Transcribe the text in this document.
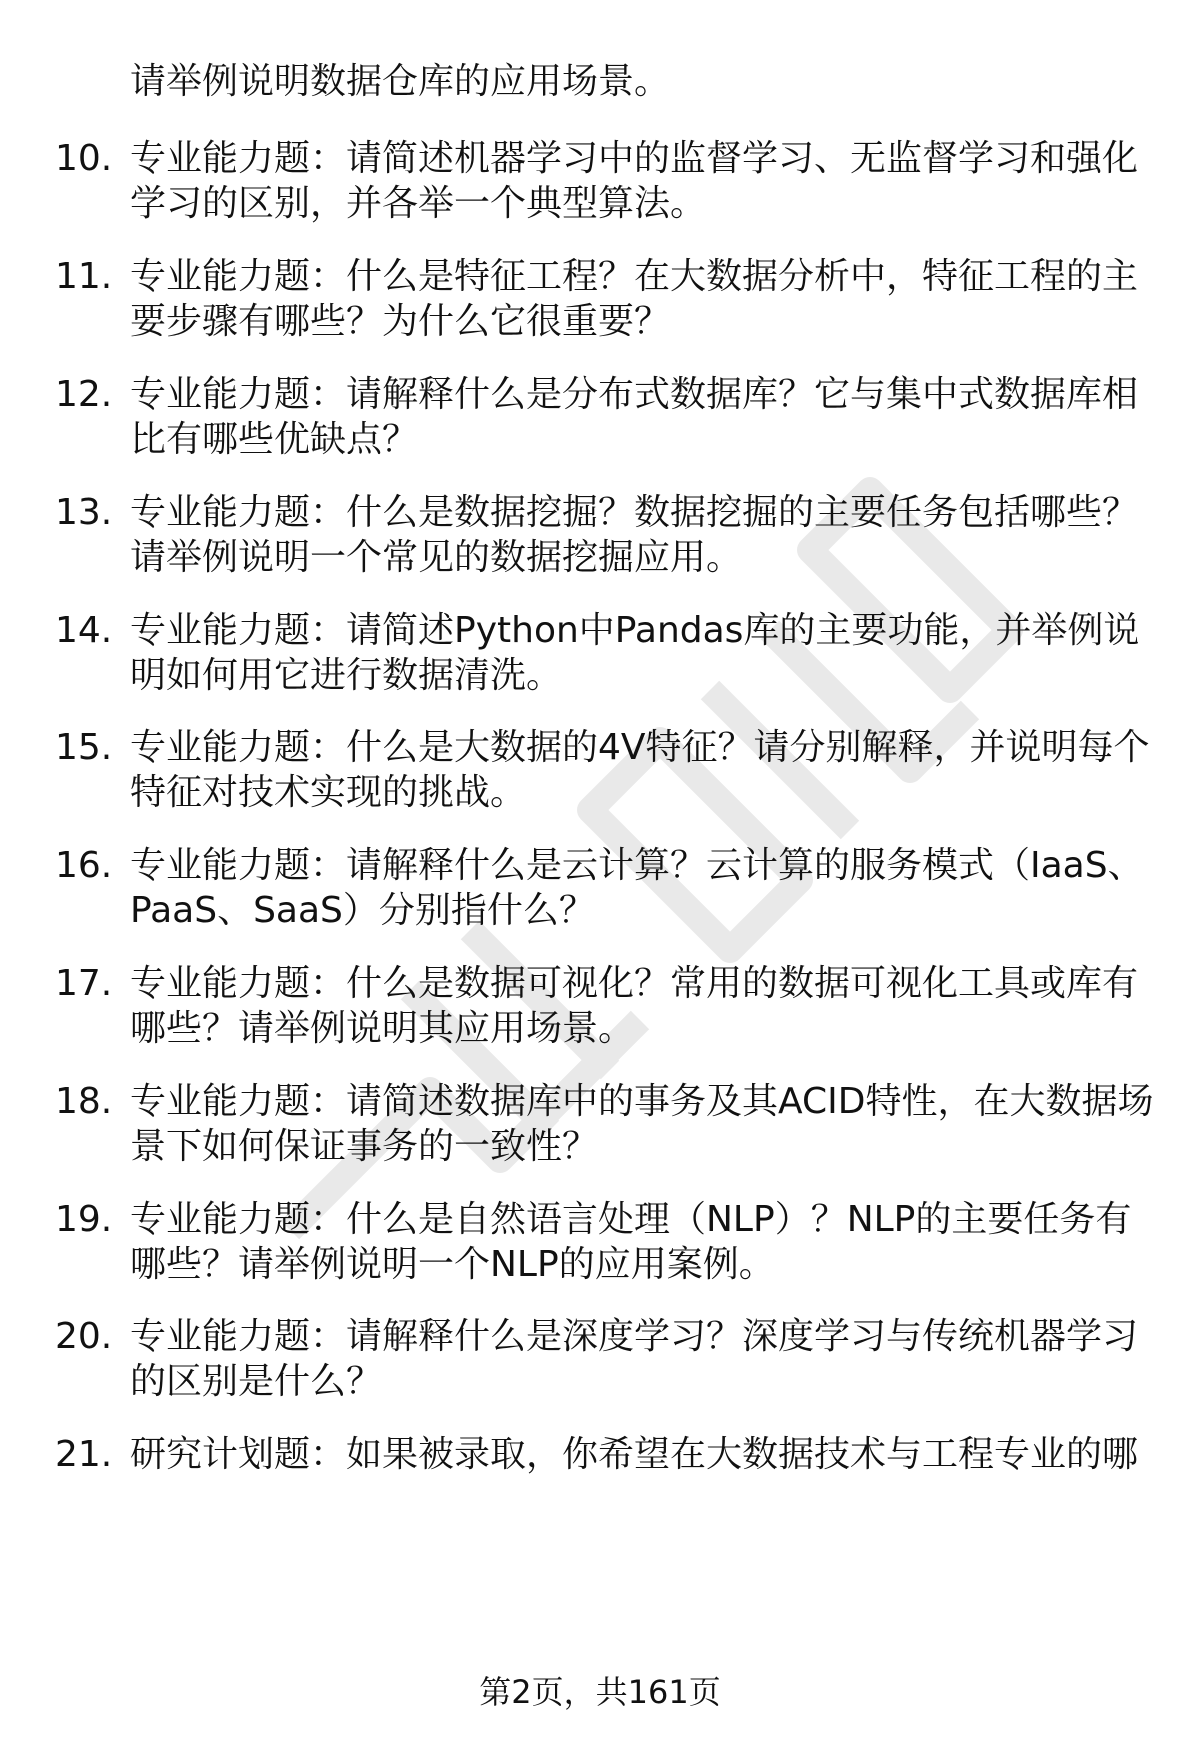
请举例说明数据仓库的应用场景。
10. 专业能力题：请简述机器学习中的监督学习、无监督学习和强化
学习的区别，并各举一个典型算法。
11. 专业能力题：什么是特征工程？在大数据分析中，特征工程的主
要步骤有哪些？为什么它很重要？
12. 专业能力题：请解释什么是分布式数据库？它与集中式数据库相
比有哪些优缺点？
13. 专业能力题：什么是数据挖掘？数据挖掘的主要任务包括哪些？
请举例说明一个常见的数据挖掘应用。
14. 专业能力题：请简述Python中Pandas库的主要功能，并举例说
明如何用它进行数据清洗。
15. 专业能力题：什么是大数据的4V特征？请分别解释，并说明每个
特征对技术实现的挑战。
16. 专业能力题：请解释什么是云计算？云计算的服务模式（IaaS、
PaaS、SaaS）分别指什么？
17. 专业能力题：什么是数据可视化？常用的数据可视化工具或库有
哪些？请举例说明其应用场景。
18. 专业能力题：请简述数据库中的事务及其ACID特性，在大数据场
景下如何保证事务的一致性？
19. 专业能力题：什么是自然语言处理（NLP）？NLP的主要任务有
哪些？请举例说明一个NLP的应用案例。
20. 专业能力题：请解释什么是深度学习？深度学习与传统机器学习
的区别是什么？
21. 研究计划题：如果被录取，你希望在大数据技术与工程专业的哪
第2页，共161页
